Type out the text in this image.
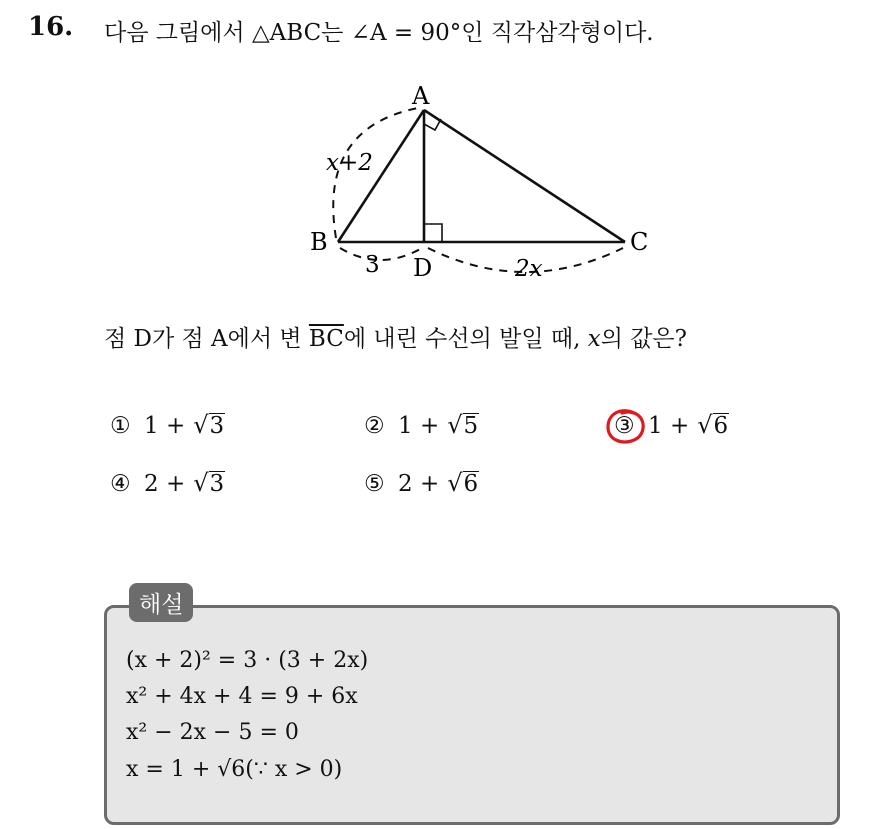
16. 다음 그림에서 △ABC는 ∠A = 90°인 직각삼각형이다.
A
B	C
D
x+2
3	2x
점 D가 점 A에서 변 $\overline{BC}$에 내린 수선의 발일 때, x의 값은?
① 1 + √ 3	② 1 + √ 5	③ 1 + √ 6
④ 2 + √ 3	⑤ 2 + √ 6
해설
(x + 2)² = 3 · (3 + 2x)
x² + 4x + 4 = 9 + 6x
x² − 2x − 5 = 0
x = 1 + √6(∵ x > 0)
